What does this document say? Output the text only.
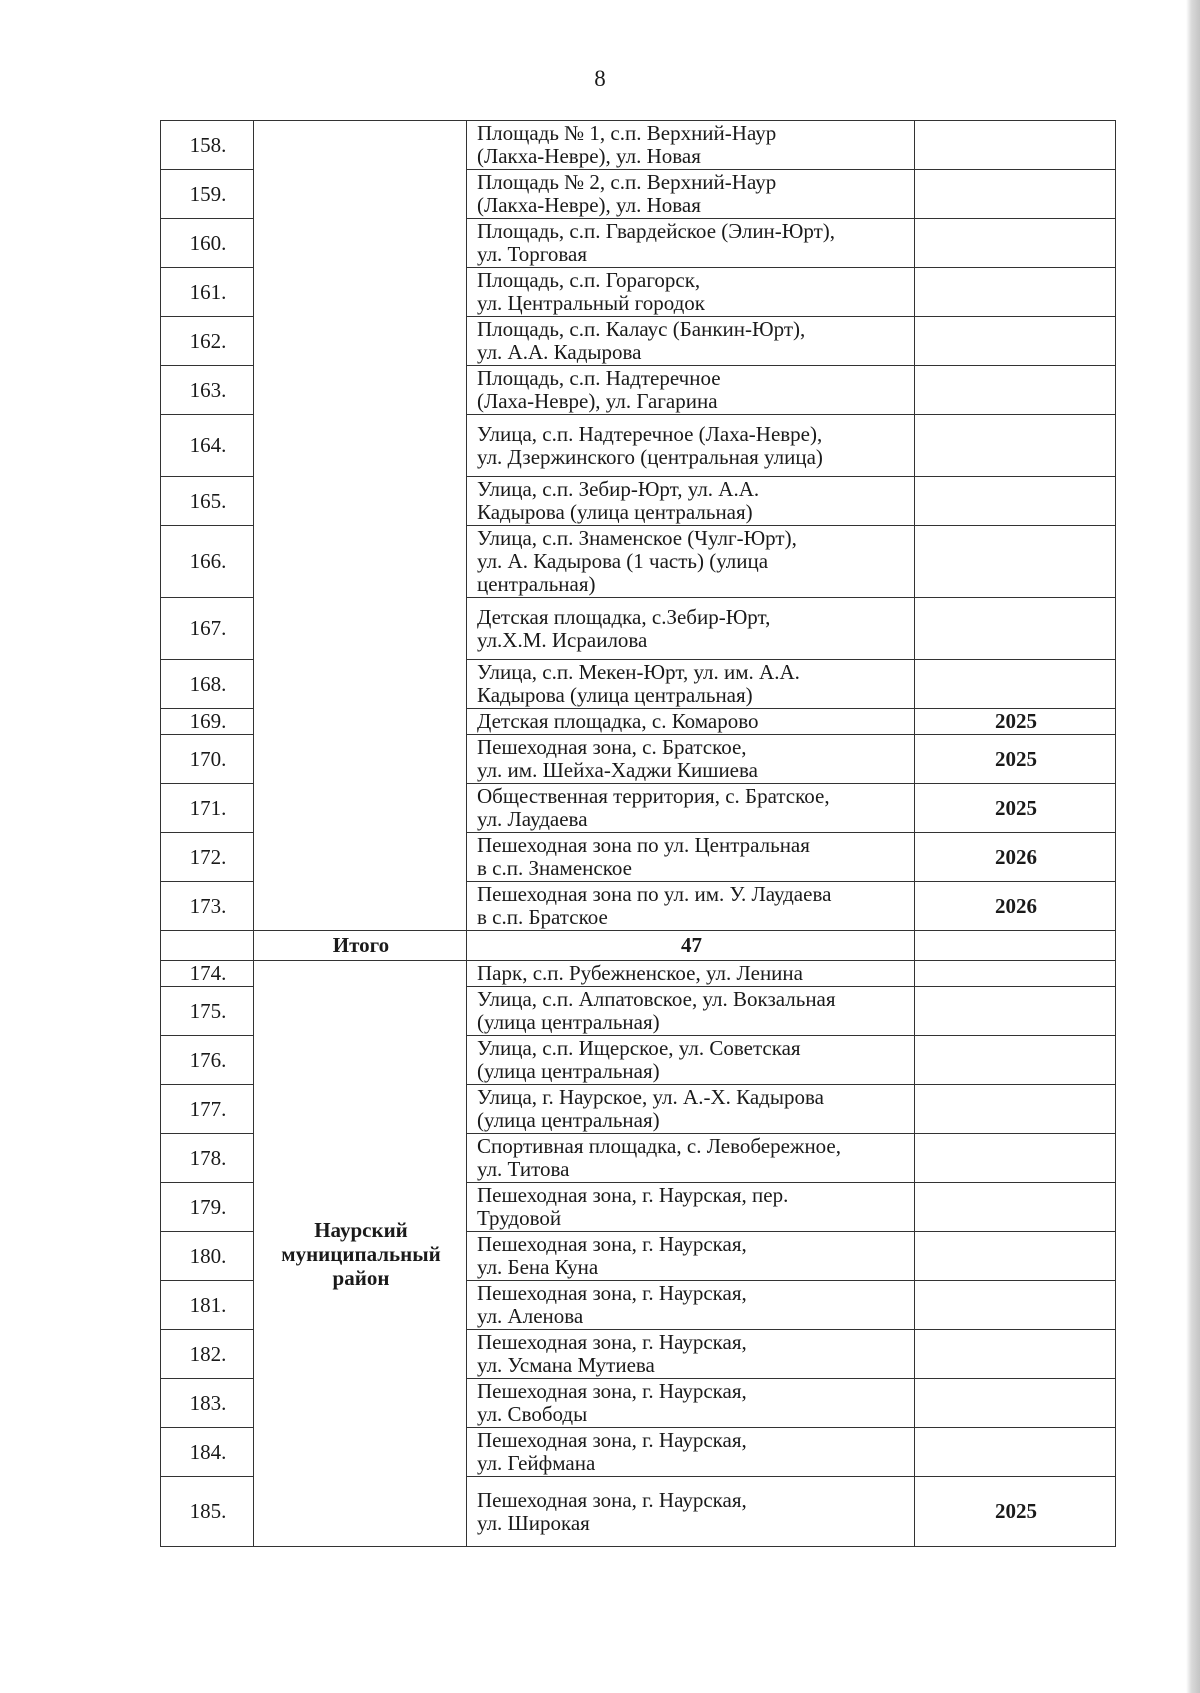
8
158.		Площадь № 1, с.п. Верхний-Наур
(Лакха-Невре), ул. Новая	
159.		Площадь № 2, с.п. Верхний-Наур
(Лакха-Невре), ул. Новая	
160.		Площадь, с.п. Гвардейское (Элин-Юрт),
ул. Торговая	
161.		Площадь, с.п. Горагорск,
ул. Центральный городок	
162.		Площадь, с.п. Калаус (Банкин-Юрт),
ул. А.А. Кадырова	
163.		Площадь, с.п. Надтеречное
(Лаха-Невре), ул. Гагарина	
164.		Улица, с.п. Надтеречное (Лаха-Невре),
ул. Дзержинского (центральная улица)	
165.		Улица, с.п. Зебир-Юрт, ул. А.А.
Кадырова (улица центральная)	
166.		Улица, с.п. Знаменское (Чулг-Юрт),
ул. А. Кадырова (1 часть) (улица
центральная)	
167.		Детская площадка, с.Зебир-Юрт,
ул.Х.М. Исраилова	
168.		Улица, с.п. Мекен-Юрт, ул. им. А.А.
Кадырова (улица центральная)	
169.		Детская площадка, с. Комарово	2025
170.		Пешеходная зона, с. Братское,
ул. им. Шейха-Хаджи Кишиева	2025
171.		Общественная территория, с. Братское,
ул. Лаудаева	2025
172.		Пешеходная зона по ул. Центральная
в с.п. Знаменское	2026
173.		Пешеходная зона по ул. им. У. Лаудаева
в с.п. Братское	2026
	Итого	47	
174.	Наурский
муниципальный
район	Парк, с.п. Рубежненское, ул. Ленина	
175.		Улица, с.п. Алпатовское, ул. Вокзальная
(улица центральная)	
176.		Улица, с.п. Ищерское, ул. Советская
(улица центральная)	
177.		Улица, г. Наурское, ул. А.-Х. Кадырова
(улица центральная)	
178.		Спортивная площадка, с. Левобережное,
ул. Титова	
179.		Пешеходная зона, г. Наурская, пер.
Трудовой	
180.		Пешеходная зона, г. Наурская,
ул. Бена Куна	
181.		Пешеходная зона, г. Наурская,
ул. Аленова	
182.		Пешеходная зона, г. Наурская,
ул. Усмана Мутиева	
183.		Пешеходная зона, г. Наурская,
ул. Свободы	
184.		Пешеходная зона, г. Наурская,
ул. Гейфмана	
185.		Пешеходная зона, г. Наурская,
ул. Широкая	2025
